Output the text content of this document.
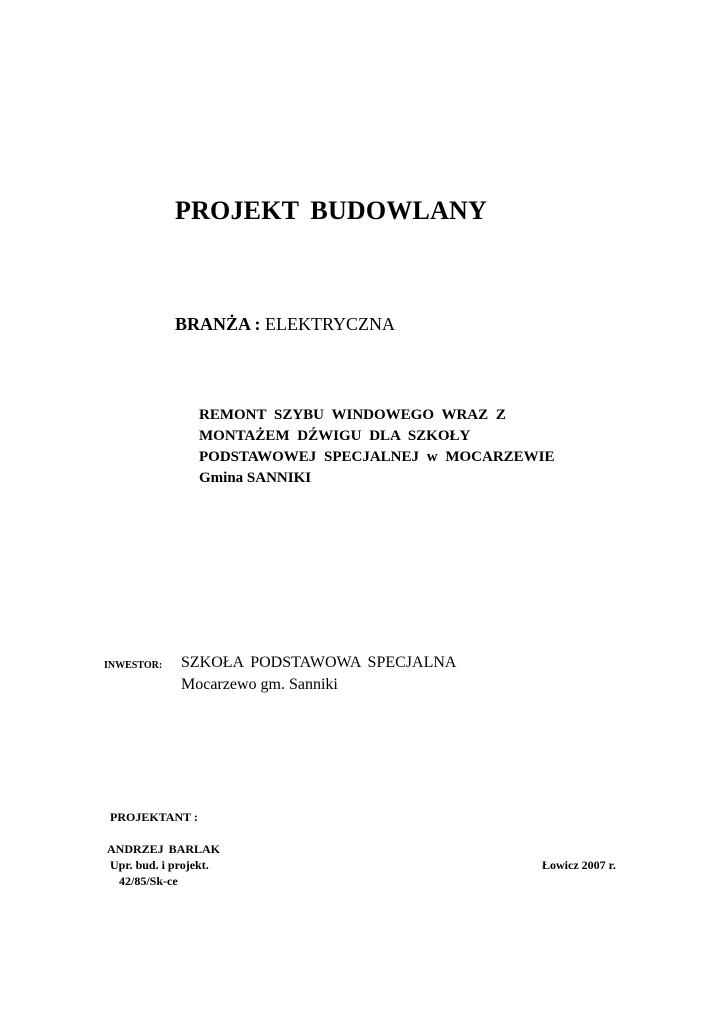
PROJEKT BUDOWLANY
BRANŻA : ELEKTRYCZNA
REMONT SZYBU WINDOWEGO WRAZ Z
MONTAŻEM DŹWIGU DLA SZKOŁY
PODSTAWOWEJ SPECJALNEJ w MOCARZEWIE
Gmina SANNIKI
INWESTOR: SZKOŁA PODSTAWOWA SPECJALNA
Mocarzewo gm. Sanniki
PROJEKTANT :
ANDRZEJ BARLAK
Upr. bud. i projekt.
42/85/Sk-ce
Łowicz 2007 r.
